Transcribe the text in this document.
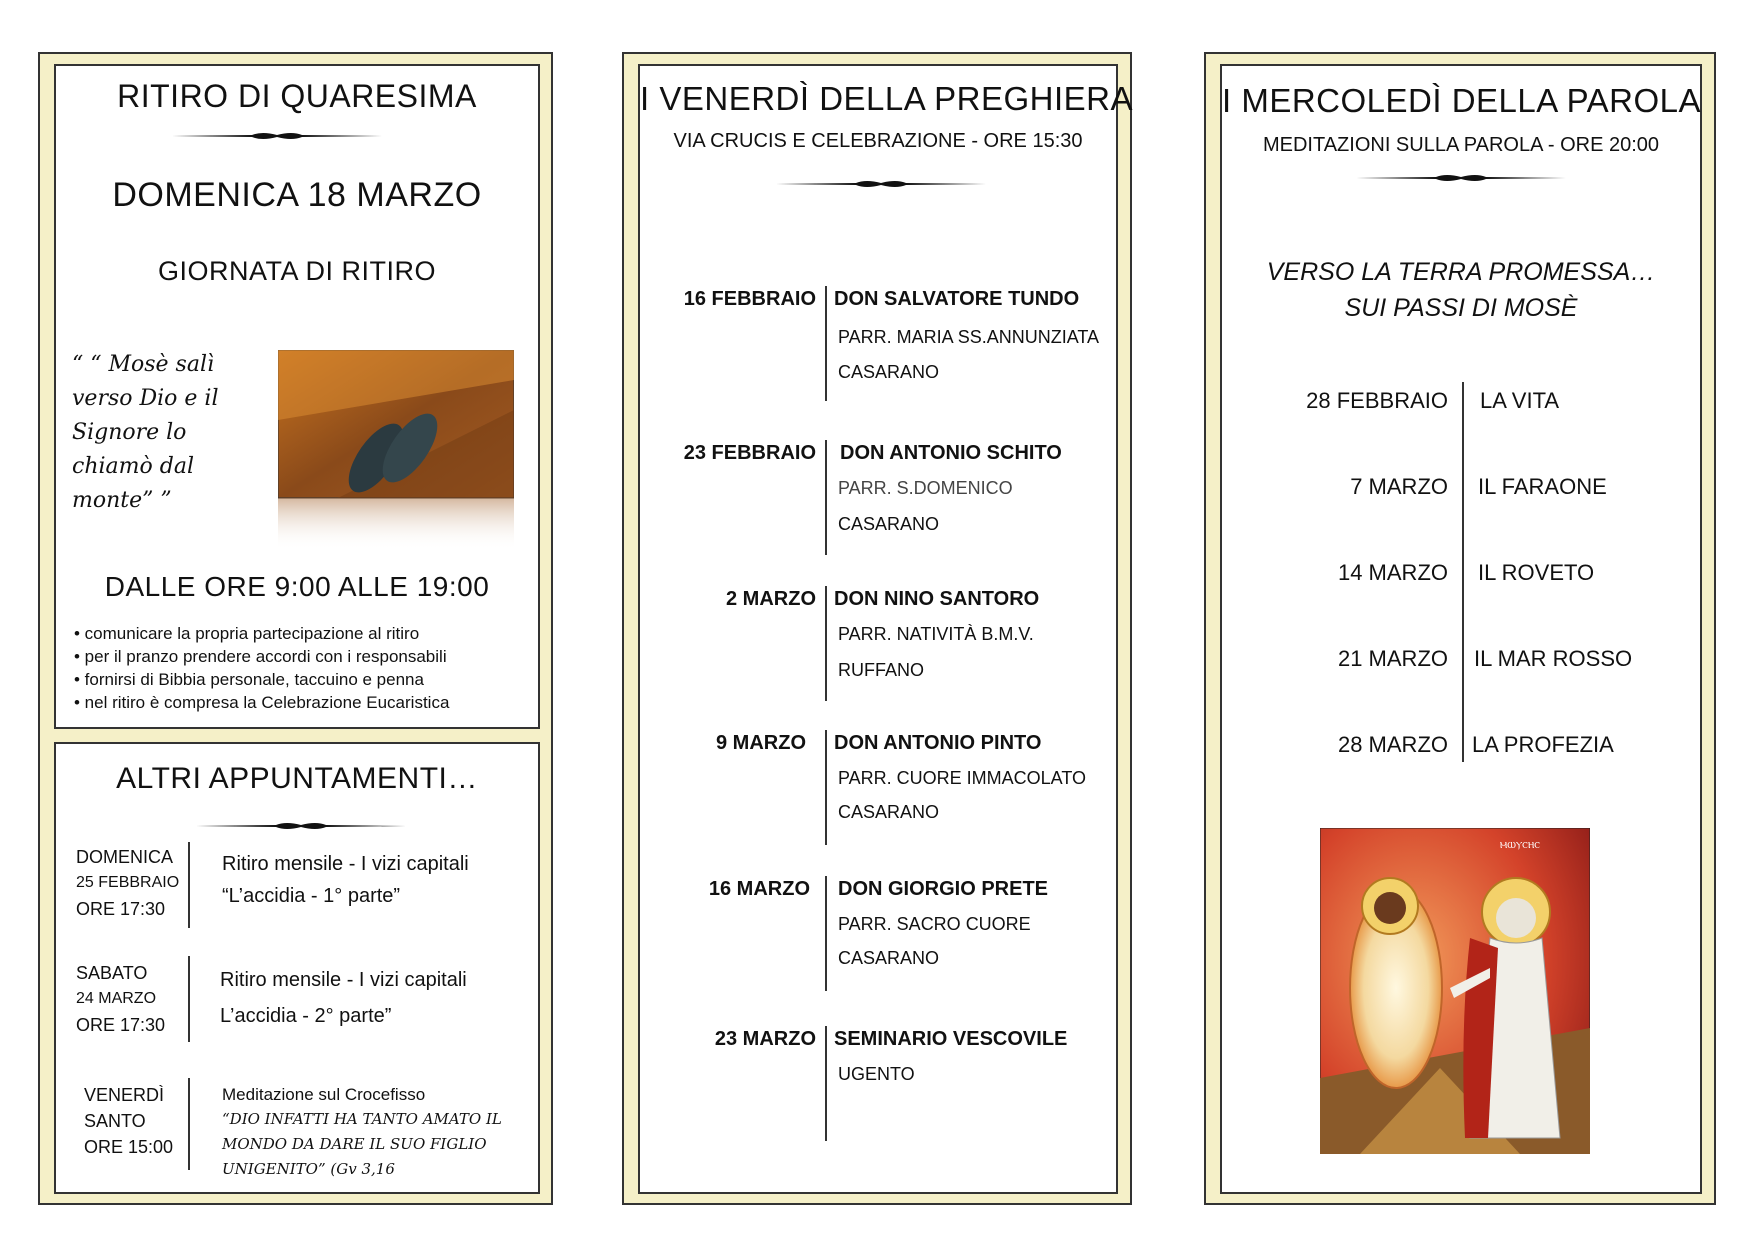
RITIRO DI QUARESIMA
DOMENICA 18 MARZO
GIORNATA DI RITIRO
“ “ Mosè salì
verso Dio e il
Signore lo
chiamò dal
monte” ”
DALLE ORE 9:00 ALLE 19:00
• comunicare la propria partecipazione al ritiro
• per il pranzo prendere accordi con i responsabili
• fornirsi di Bibbia personale, taccuino e penna
• nel ritiro è compresa la Celebrazione Eucaristica
ALTRI APPUNTAMENTI…
DOMENICA
25 FEBBRAIO
ORE 17:30
Ritiro mensile - I vizi capitali
“L’accidia - 1° parte”
SABATO
24 MARZO
ORE 17:30
Ritiro mensile - I vizi capitali
L’accidia - 2° parte”
VENERDÌ
SANTO
ORE 15:00
Meditazione sul Crocefisso
“DIO INFATTI HA TANTO AMATO IL
MONDO DA DARE IL SUO FIGLIO
UNIGENITO” (Gv 3,16
I VENERDÌ DELLA PREGHIERA
VIA CRUCIS E CELEBRAZIONE - ORE 15:30
16 FEBBRAIO DON SALVATORE TUNDO
PARR. MARIA SS.ANNUNZIATA
CASARANO
23 FEBBRAIO DON ANTONIO SCHITO
PARR. S.DOMENICO
CASARANO
2 MARZO DON NINO SANTORO
PARR. NATIVITÀ B.M.V.
RUFFANO
9 MARZO DON ANTONIO PINTO
PARR. CUORE IMMACOLATO
CASARANO
16 MARZO DON GIORGIO PRETE
PARR. SACRO CUORE
CASARANO
23 MARZO SEMINARIO VESCOVILE
UGENTO
I MERCOLEDÌ DELLA PAROLA
MEDITAZIONI SULLA PAROLA - ORE 20:00
VERSO LA TERRA PROMESSA…
SUI PASSI DI MOSÈ
28 FEBBRAIO LA VITA
7 MARZO IL FARAONE
14 MARZO IL ROVETO
21 MARZO IL MAR ROSSO
28 MARZO LA PROFEZIA
ⲘⲰⲨⲤⲎⲤ
